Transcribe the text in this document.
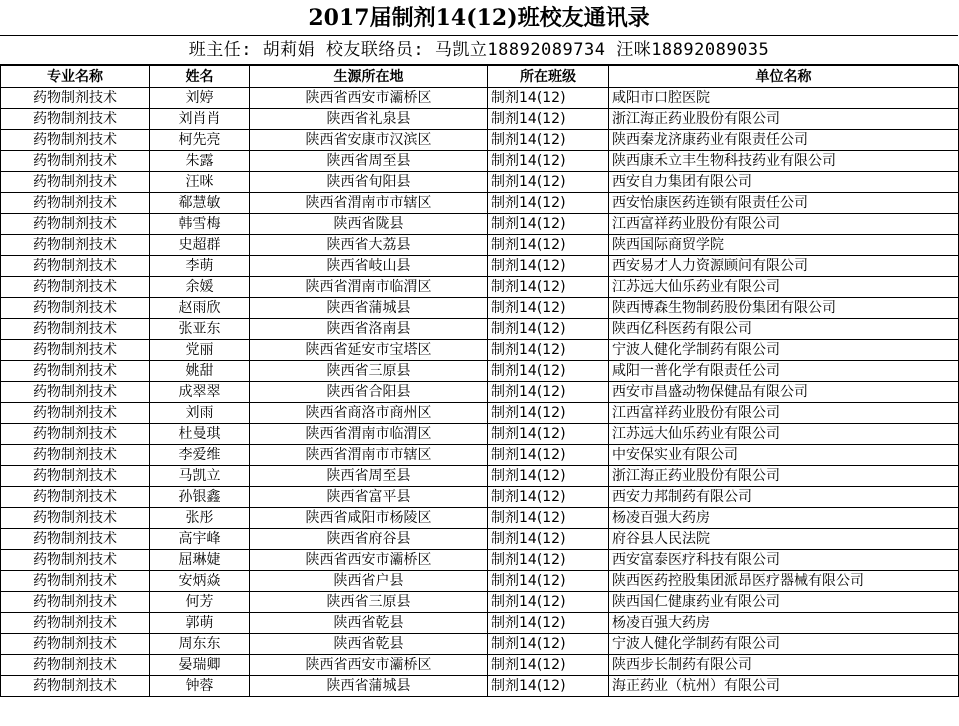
2017届制剂14(12)班校友通讯录
班主任: 胡莉娟 校友联络员: 马凯立18892089734 汪咪18892089035
专业名称	姓名	生源所在地	所在班级	单位名称
药物制剂技术	刘婷	陕西省西安市灞桥区	制剂14(12)	咸阳市口腔医院
药物制剂技术	刘肖肖	陕西省礼泉县	制剂14(12)	浙江海正药业股份有限公司
药物制剂技术	柯先亮	陕西省安康市汉滨区	制剂14(12)	陕西秦龙济康药业有限责任公司
药物制剂技术	朱露	陕西省周至县	制剂14(12)	陕西康禾立丰生物科技药业有限公司
药物制剂技术	汪咪	陕西省旬阳县	制剂14(12)	西安自力集团有限公司
药物制剂技术	郗慧敏	陕西省渭南市市辖区	制剂14(12)	西安怡康医药连锁有限责任公司
药物制剂技术	韩雪梅	陕西省陇县	制剂14(12)	江西富祥药业股份有限公司
药物制剂技术	史超群	陕西省大荔县	制剂14(12)	陕西国际商贸学院
药物制剂技术	李萌	陕西省岐山县	制剂14(12)	西安易才人力资源顾问有限公司
药物制剂技术	余媛	陕西省渭南市临渭区	制剂14(12)	江苏远大仙乐药业有限公司
药物制剂技术	赵雨欣	陕西省蒲城县	制剂14(12)	陕西博森生物制药股份集团有限公司
药物制剂技术	张亚东	陕西省洛南县	制剂14(12)	陕西亿科医药有限公司
药物制剂技术	党丽	陕西省延安市宝塔区	制剂14(12)	宁波人健化学制药有限公司
药物制剂技术	姚甜	陕西省三原县	制剂14(12)	咸阳一普化学有限责任公司
药物制剂技术	成翠翠	陕西省合阳县	制剂14(12)	西安市昌盛动物保健品有限公司
药物制剂技术	刘雨	陕西省商洛市商州区	制剂14(12)	江西富祥药业股份有限公司
药物制剂技术	杜曼琪	陕西省渭南市临渭区	制剂14(12)	江苏远大仙乐药业有限公司
药物制剂技术	李爱维	陕西省渭南市市辖区	制剂14(12)	中安保实业有限公司
药物制剂技术	马凯立	陕西省周至县	制剂14(12)	浙江海正药业股份有限公司
药物制剂技术	孙银鑫	陕西省富平县	制剂14(12)	西安力邦制药有限公司
药物制剂技术	张彤	陕西省咸阳市杨陵区	制剂14(12)	杨凌百强大药房
药物制剂技术	高宇峰	陕西省府谷县	制剂14(12)	府谷县人民法院
药物制剂技术	屈琳婕	陕西省西安市灞桥区	制剂14(12)	西安富泰医疗科技有限公司
药物制剂技术	安炳焱	陕西省户县	制剂14(12)	陕西医药控股集团派昂医疗器械有限公司
药物制剂技术	何芳	陕西省三原县	制剂14(12)	陕西国仁健康药业有限公司
药物制剂技术	郭萌	陕西省乾县	制剂14(12)	杨凌百强大药房
药物制剂技术	周东东	陕西省乾县	制剂14(12)	宁波人健化学制药有限公司
药物制剂技术	晏瑞卿	陕西省西安市灞桥区	制剂14(12)	陕西步长制药有限公司
药物制剂技术	钟蓉	陕西省蒲城县	制剂14(12)	海正药业（杭州）有限公司
